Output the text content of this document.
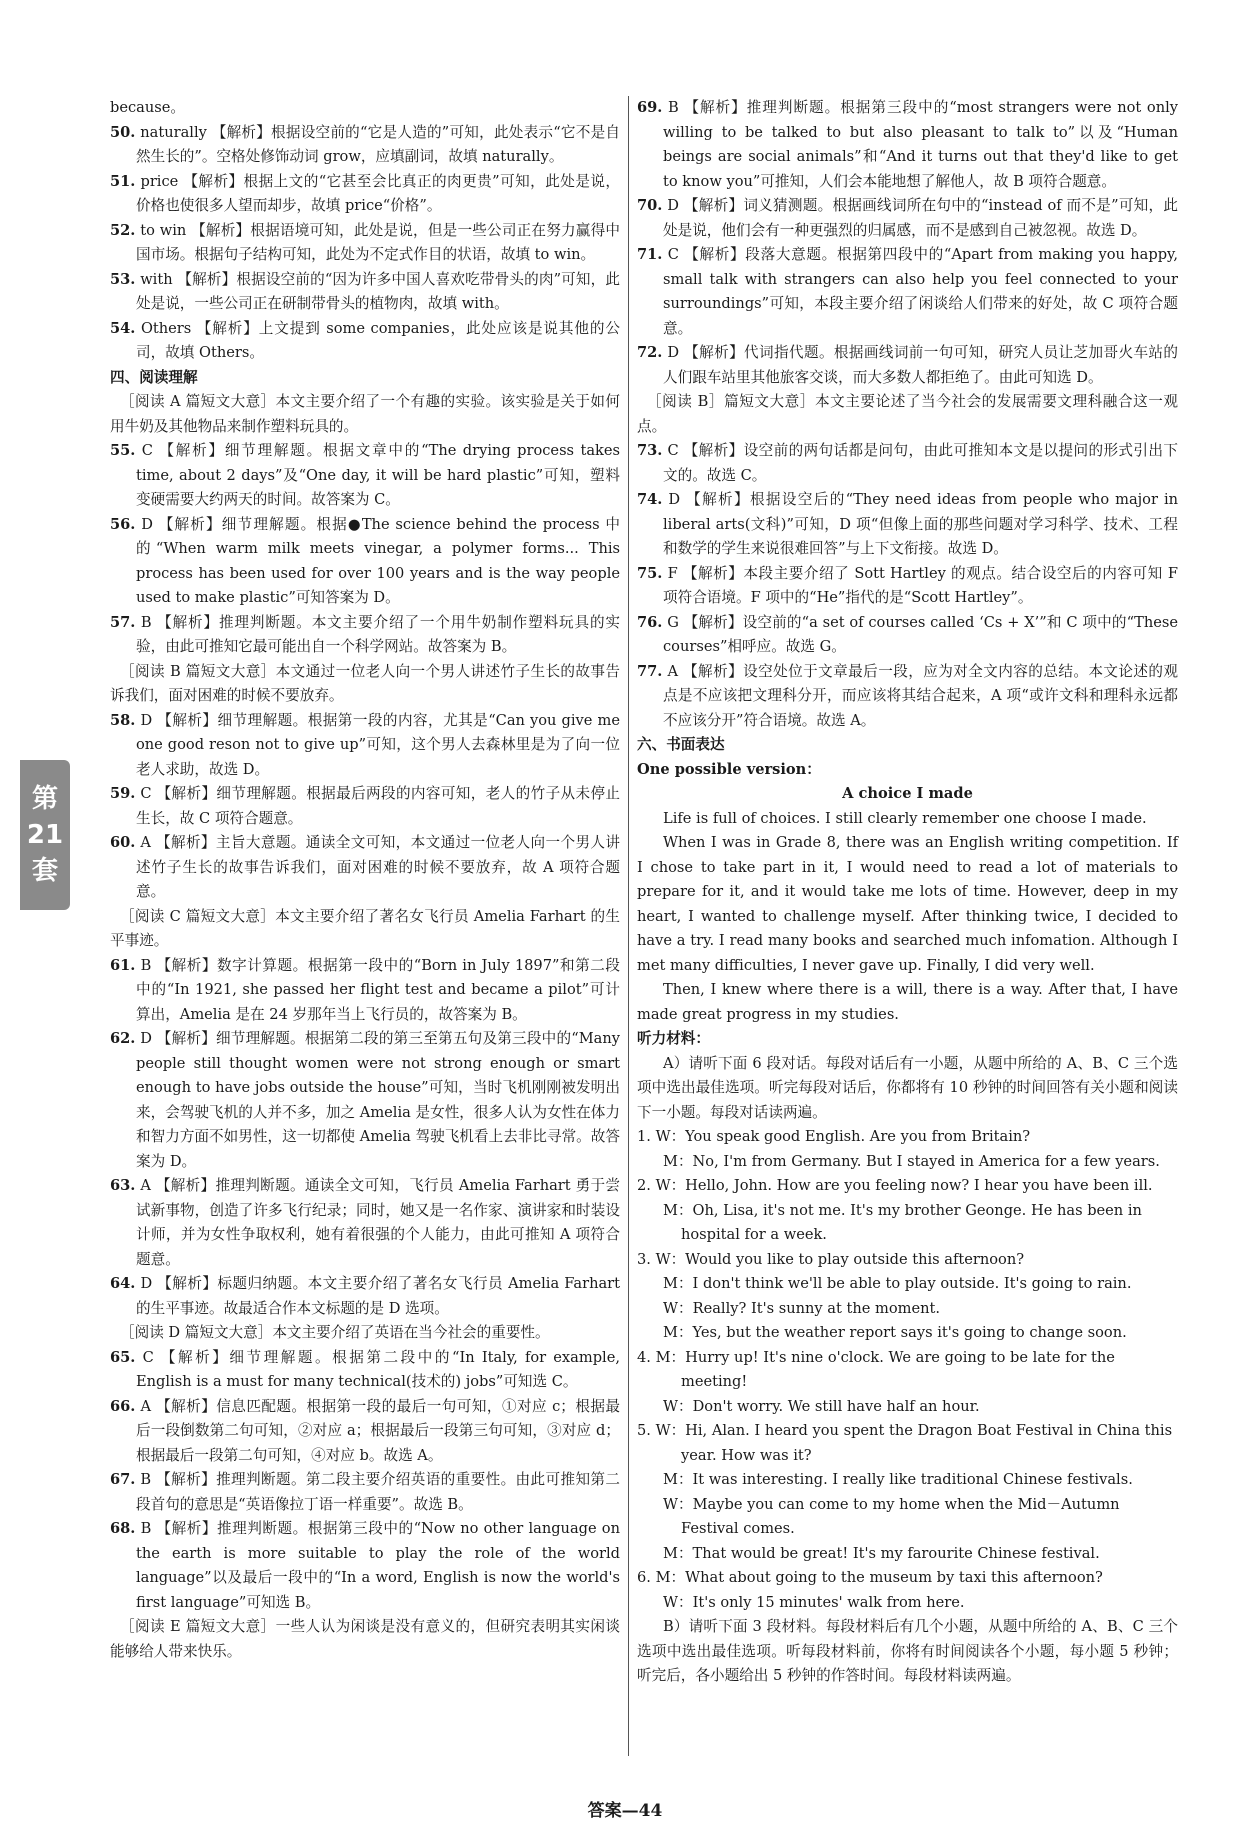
第
21
套

because。

50. naturally 【解析】根据设空前的“它是人造的”可知，此处表示“它不是自然生长的”。空格处修饰动词 grow，应填副词，故填 naturally。

51. price 【解析】根据上文的“它甚至会比真正的肉更贵”可知，此处是说，价格也使很多人望而却步，故填 price“价格”。

52. to win 【解析】根据语境可知，此处是说，但是一些公司正在努力赢得中国市场。根据句子结构可知，此处为不定式作目的状语，故填 to win。

53. with 【解析】根据设空前的“因为许多中国人喜欢吃带骨头的肉”可知，此处是说，一些公司正在研制带骨头的植物肉，故填 with。

54. Others 【解析】上文提到 some companies，此处应该是说其他的公司，故填 Others。

四、阅读理解

［阅读 A 篇短文大意］本文主要介绍了一个有趣的实验。该实验是关于如何用牛奶及其他物品来制作塑料玩具的。

55. C 【解析】细节理解题。根据文章中的“The drying process takes time, about 2 days”及“One day, it will be hard plastic”可知，塑料变硬需要大约两天的时间。故答案为 C。

56. D 【解析】细节理解题。根据●The science behind the process 中的“When warm milk meets vinegar, a polymer forms... This process has been used for over 100 years and is the way people used to make plastic”可知答案为 D。

57. B 【解析】推理判断题。本文主要介绍了一个用牛奶制作塑料玩具的实验，由此可推知它最可能出自一个科学网站。故答案为 B。

［阅读 B 篇短文大意］本文通过一位老人向一个男人讲述竹子生长的故事告诉我们，面对困难的时候不要放弃。

58. D 【解析】细节理解题。根据第一段的内容，尤其是“Can you give me one good reson not to give up”可知，这个男人去森林里是为了向一位老人求助，故选 D。

59. C 【解析】细节理解题。根据最后两段的内容可知，老人的竹子从未停止生长，故 C 项符合题意。

60. A 【解析】主旨大意题。通读全文可知，本文通过一位老人向一个男人讲述竹子生长的故事告诉我们，面对困难的时候不要放弃，故 A 项符合题意。

［阅读 C 篇短文大意］本文主要介绍了著名女飞行员 Amelia Farhart 的生平事迹。

61. B 【解析】数字计算题。根据第一段中的“Born in July 1897”和第二段中的“In 1921, she passed her flight test and became a pilot”可计算出，Amelia 是在 24 岁那年当上飞行员的，故答案为 B。

62. D 【解析】细节理解题。根据第二段的第三至第五句及第三段中的“Many people still thought women were not strong enough or smart enough to have jobs outside the house”可知，当时飞机刚刚被发明出来，会驾驶飞机的人并不多，加之 Amelia 是女性，很多人认为女性在体力和智力方面不如男性，这一切都使 Amelia 驾驶飞机看上去非比寻常。故答案为 D。

63. A 【解析】推理判断题。通读全文可知，飞行员 Amelia Farhart 勇于尝试新事物，创造了许多飞行纪录；同时，她又是一名作家、演讲家和时装设计师，并为女性争取权利，她有着很强的个人能力，由此可推知 A 项符合题意。

64. D 【解析】标题归纳题。本文主要介绍了著名女飞行员 Amelia Farhart 的生平事迹。故最适合作本文标题的是 D 选项。

［阅读 D 篇短文大意］本文主要介绍了英语在当今社会的重要性。

65. C 【解析】细节理解题。根据第二段中的“In Italy, for example, English is a must for many technical(技术的) jobs”可知选 C。

66. A 【解析】信息匹配题。根据第一段的最后一句可知，①对应 c；根据最后一段倒数第二句可知，②对应 a；根据最后一段第三句可知，③对应 d；根据最后一段第二句可知，④对应 b。故选 A。

67. B 【解析】推理判断题。第二段主要介绍英语的重要性。由此可推知第二段首句的意思是“英语像拉丁语一样重要”。故选 B。

68. B 【解析】推理判断题。根据第三段中的“Now no other language on the earth is more suitable to play the role of the world language”以及最后一段中的“In a word, English is now the world's first language”可知选 B。

［阅读 E 篇短文大意］一些人认为闲谈是没有意义的，但研究表明其实闲谈能够给人带来快乐。

69. B 【解析】推理判断题。根据第三段中的“most strangers were not only willing to be talked to but also pleasant to talk to”以及“Human beings are social animals”和“And it turns out that they'd like to get to know you”可推知，人们会本能地想了解他人，故 B 项符合题意。

70. D 【解析】词义猜测题。根据画线词所在句中的“instead of 而不是”可知，此处是说，他们会有一种更强烈的归属感，而不是感到自己被忽视。故选 D。

71. C 【解析】段落大意题。根据第四段中的“Apart from making you happy, small talk with strangers can also help you feel connected to your surroundings”可知，本段主要介绍了闲谈给人们带来的好处，故 C 项符合题意。

72. D 【解析】代词指代题。根据画线词前一句可知，研究人员让芝加哥火车站的人们跟车站里其他旅客交谈，而大多数人都拒绝了。由此可知选 D。

［阅读 B］篇短文大意］本文主要论述了当今社会的发展需要文理科融合这一观点。

73. C 【解析】设空前的两句话都是问句，由此可推知本文是以提问的形式引出下文的。故选 C。

74. D 【解析】根据设空后的“They need ideas from people who major in liberal arts(文科)”可知，D 项“但像上面的那些问题对学习科学、技术、工程和数学的学生来说很难回答”与上下文衔接。故选 D。

75. F 【解析】本段主要介绍了 Sott Hartley 的观点。结合设空后的内容可知 F 项符合语境。F 项中的“He”指代的是“Scott Hartley”。

76. G 【解析】设空前的“a set of courses called ‘Cs + X’”和 C 项中的“These courses”相呼应。故选 G。

77. A 【解析】设空处位于文章最后一段，应为对全文内容的总结。本文论述的观点是不应该把文理科分开，而应该将其结合起来，A 项“或许文科和理科永远都不应该分开”符合语境。故选 A。

六、书面表达

One possible version：

A choice I made

Life is full of choices. I still clearly remember one choose I made.

When I was in Grade 8, there was an English writing competition. If I chose to take part in it, I would need to read a lot of materials to prepare for it, and it would take me lots of time. However, deep in my heart, I wanted to challenge myself. After thinking twice, I decided to have a try. I read many books and searched much infomation. Although I met many difficulties, I never gave up. Finally, I did very well.

Then, I knew where there is a will, there is a way. After that, I have made great progress in my studies.

听力材料：

A）请听下面 6 段对话。每段对话后有一小题，从题中所给的 A、B、C 三个选项中选出最佳选项。听完每段对话后，你都将有 10 秒钟的时间回答有关小题和阅读下一小题。每段对话读两遍。

1. W：You speak good English. Are you from Britain?

M：No, I'm from Germany. But I stayed in America for a few years.

2. W：Hello, John. How are you feeling now? I hear you have been ill.

M：Oh, Lisa, it's not me. It's my brother Geonge. He has been in hospital for a week.

3. W：Would you like to play outside this afternoon?

M：I don't think we'll be able to play outside. It's going to rain.

W：Really? It's sunny at the moment.

M：Yes, but the weather report says it's going to change soon.

4. M：Hurry up! It's nine o'clock. We are going to be late for the meeting!

W：Don't worry. We still have half an hour.

5. W：Hi, Alan. I heard you spent the Dragon Boat Festival in China this year. How was it?

M：It was interesting. I really like traditional Chinese festivals.

W：Maybe you can come to my home when the Mid－Autumn Festival comes.

M：That would be great! It's my farourite Chinese festival.

6. M：What about going to the museum by taxi this afternoon?

W：It's only 15 minutes' walk from here.

B）请听下面 3 段材料。每段材料后有几个小题，从题中所给的 A、B、C 三个选项中选出最佳选项。听每段材料前，你将有时间阅读各个小题，每小题 5 秒钟；听完后，各小题给出 5 秒钟的作答时间。每段材料读两遍。

答案—44
